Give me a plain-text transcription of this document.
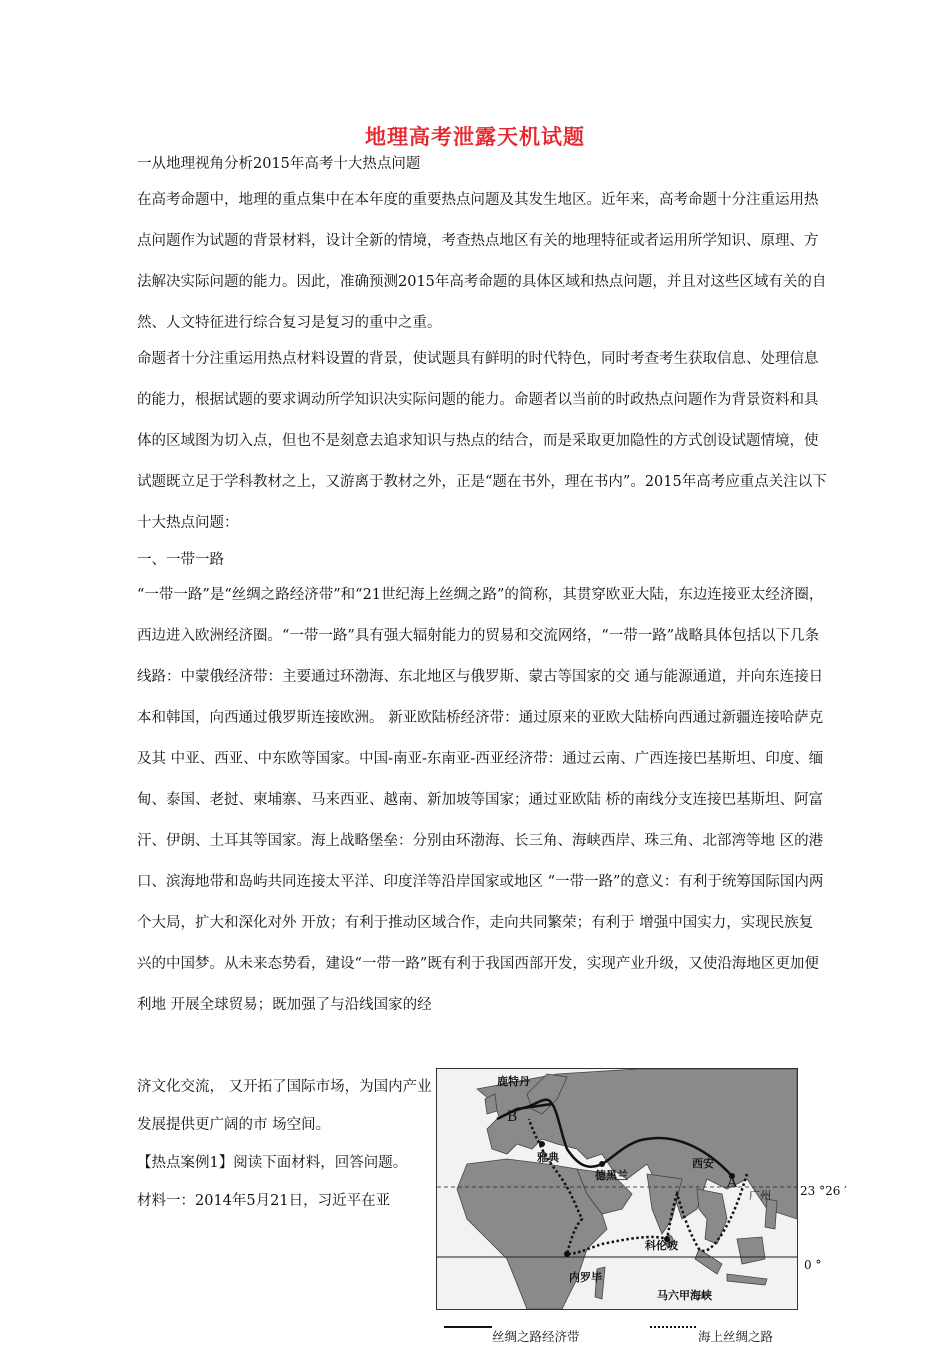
地理高考泄露天机试题
一从地理视角分析2015年高考十大热点问题
在高考命题中，地理的重点集中在本年度的重要热点问题及其发生地区。近年来，高考命题十分注重运用热点问题作为试题的背景材料，设计全新的情境，考查热点地区有关的地理特征或者运用所学知识、原理、方法解决实际问题的能力。因此，准确预测2015年高考命题的具体区域和热点问题，并且对这些区域有关的自然、人文特征进行综合复习是复习的重中之重。
命题者十分注重运用热点材料设置的背景，使试题具有鲜明的时代特色，同时考查考生获取信息、处理信息的能力，根据试题的要求调动所学知识决实际问题的能力。命题者以当前的时政热点问题作为背景资料和具体的区域图为切入点，但也不是刻意去追求知识与热点的结合，而是采取更加隐性的方式创设试题情境，使试题既立足于学科教材之上，又游离于教材之外，正是“题在书外，理在书内”。2015年高考应重点关注以下十大热点问题：
一、一带一路
“一带一路”是“丝绸之路经济带”和“21世纪海上丝绸之路”的简称，其贯穿欧亚大陆，东边连接亚太经济圈，西边进入欧洲经济圈。“一带一路”具有强大辐射能力的贸易和交流网络，“一带一路”战略具体包括以下几条线路：中蒙俄经济带：主要通过环渤海、东北地区与俄罗斯、蒙古等国家的交 通与能源通道，并向东连接日本和韩国，向西通过俄罗斯连接欧洲。 新亚欧陆桥经济带：通过原来的亚欧大陆桥向西通过新疆连接哈萨克及其 中亚、西亚、中东欧等国家。中国-南亚-东南亚-西亚经济带：通过云南、广西连接巴基斯坦、印度、缅 甸、泰国、老挝、柬埔寨、马来西亚、越南、新加坡等国家；通过亚欧陆 桥的南线分支连接巴基斯坦、阿富汗、伊朗、土耳其等国家。海上战略堡垒：分别由环渤海、长三角、海峡西岸、珠三角、北部湾等地 区的港口、滨海地带和岛屿共同连接太平洋、印度洋等沿岸国家或地区 “一带一路”的意义：有利于统筹国际国内两个大局，扩大和深化对外 开放；有利于推动区域合作，走向共同繁荣；有利于 增强中国实力，实现民族复兴的中国梦。从未来态势看，建设“一带一路”既有利于我国西部开发，实现产业升级，又使沿海地区更加便利地 开展全球贸易；既加强了与沿线国家的经
济文化交流， 又开拓了国际市场，为国内产业发展提供更广阔的市 场空间。
【热点案例1】阅读下面材料，回答问题。
材料一：2014年5月21日，习近平在亚
鹿特丹
B
雅典
德黑兰
西安
A
广州
科伦坡
内罗毕
马六甲海峡
23 °26 ′
0 °
丝绸之路经济带	海上丝绸之路
